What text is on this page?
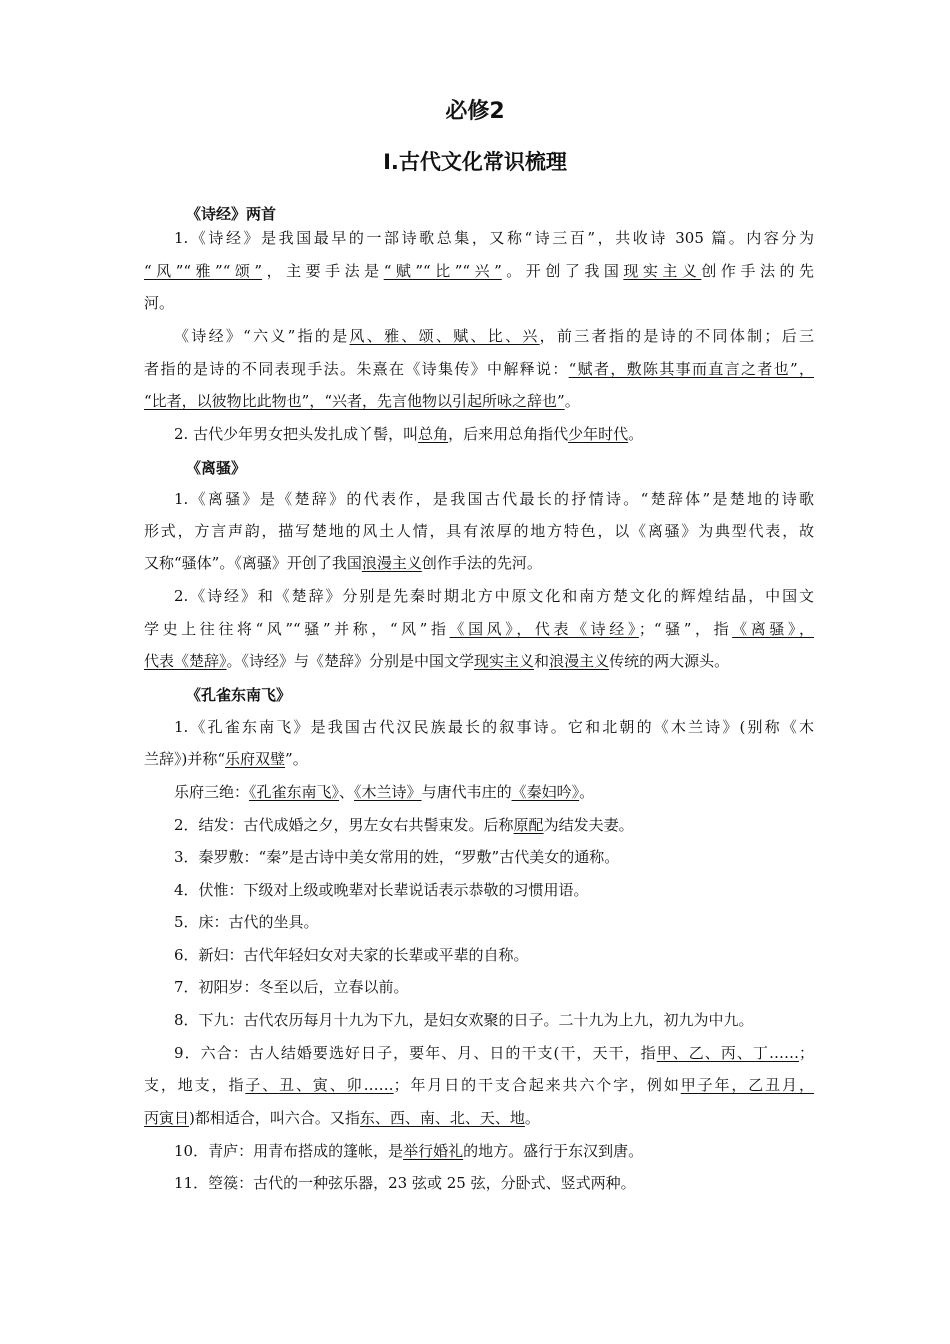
必修2
Ⅰ.古代文化常识梳理
《诗经》两首
1.《诗经》是我国最早的一部诗歌总集，又称“诗三百”，共收诗 305 篇。内容分为
“风”“雅”“颂”，主要手法是“赋”“比”“兴”。开创了我国现实主义创作手法的先
河。
《诗经》“六义”指的是风、雅、颂、赋、比、兴，前三者指的是诗的不同体制；后三
者指的是诗的不同表现手法。朱熹在《诗集传》中解释说：“赋者，敷陈其事而直言之者也”，
“比者，以彼物比此物也”，“兴者，先言他物以引起所咏之辞也”。
2. 古代少年男女把头发扎成丫髻，叫总角，后来用总角指代少年时代。
《离骚》
1.《离骚》是《楚辞》的代表作，是我国古代最长的抒情诗。“楚辞体”是楚地的诗歌
形式，方言声韵，描写楚地的风土人情，具有浓厚的地方特色，以《离骚》为典型代表，故
又称“骚体”。《离骚》开创了我国浪漫主义创作手法的先河。
2.《诗经》和《楚辞》分别是先秦时期北方中原文化和南方楚文化的辉煌结晶，中国文
学史上往往将“风”“骚”并称，“风”指《国风》，代表《诗经》；“骚”，指《离骚》，
代表《楚辞》。《诗经》与《楚辞》分别是中国文学现实主义和浪漫主义传统的两大源头。
《孔雀东南飞》
1.《孔雀东南飞》是我国古代汉民族最长的叙事诗。它和北朝的《木兰诗》(别称《木
兰辞》)并称“乐府双璧”。
乐府三绝：《孔雀东南飞》、《木兰诗》与唐代韦庄的《秦妇吟》。
2．结发：古代成婚之夕，男左女右共髻束发。后称原配为结发夫妻。
3．秦罗敷：“秦”是古诗中美女常用的姓，“罗敷”古代美女的通称。
4．伏惟：下级对上级或晚辈对长辈说话表示恭敬的习惯用语。
5．床：古代的坐具。
6．新妇：古代年轻妇女对夫家的长辈或平辈的自称。
7．初阳岁：冬至以后，立春以前。
8．下九：古代农历每月十九为下九，是妇女欢聚的日子。二十九为上九，初九为中九。
9．六合：古人结婚要选好日子，要年、月、日的干支(干，天干，指甲、乙、丙、丁……；
支，地支，指子、丑、寅、卯……；年月日的干支合起来共六个字，例如甲子年，乙丑月，
丙寅日)都相适合，叫六合。又指东、西、南、北、天、地。
10．青庐：用青布搭成的篷帐，是举行婚礼的地方。盛行于东汉到唐。
11．箜篌：古代的一种弦乐器，23 弦或 25 弦，分卧式、竖式两种。
